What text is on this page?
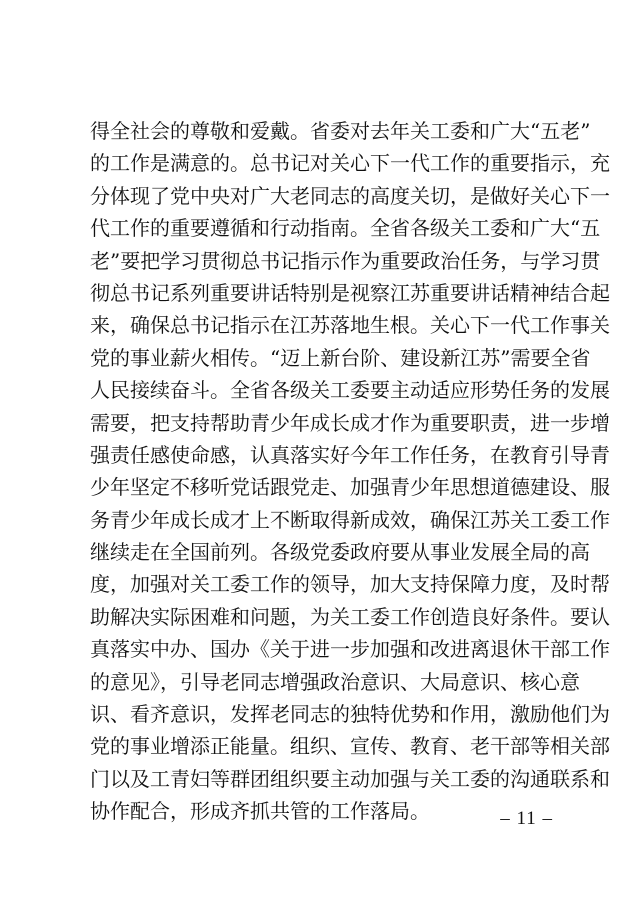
得全社会的尊敬和爱戴。省委对去年关工委和广大“五老”
的工作是满意的。总书记对关心下一代工作的重要指示，充
分体现了党中央对广大老同志的高度关切，是做好关心下一
代工作的重要遵循和行动指南。全省各级关工委和广大“五
老”要把学习贯彻总书记指示作为重要政治任务，与学习贯
彻总书记系列重要讲话特别是视察江苏重要讲话精神结合起
来，确保总书记指示在江苏落地生根。关心下一代工作事关
党的事业薪火相传。“迈上新台阶、建设新江苏”需要全省
人民接续奋斗。全省各级关工委要主动适应形势任务的发展
需要，把支持帮助青少年成长成才作为重要职责，进一步增
强责任感使命感，认真落实好今年工作任务，在教育引导青
少年坚定不移听党话跟党走、加强青少年思想道德建设、服
务青少年成长成才上不断取得新成效，确保江苏关工委工作
继续走在全国前列。各级党委政府要从事业发展全局的高
度，加强对关工委工作的领导，加大支持保障力度，及时帮
助解决实际困难和问题，为关工委工作创造良好条件。要认
真落实中办、国办《关于进一步加强和改进离退休干部工作
的意见》，引导老同志增强政治意识、大局意识、核心意
识、看齐意识，发挥老同志的独特优势和作用，激励他们为
党的事业增添正能量。组织、宣传、教育、老干部等相关部
门以及工青妇等群团组织要主动加强与关工委的沟通联系和
协作配合，形成齐抓共管的工作落局。	– 11 –
